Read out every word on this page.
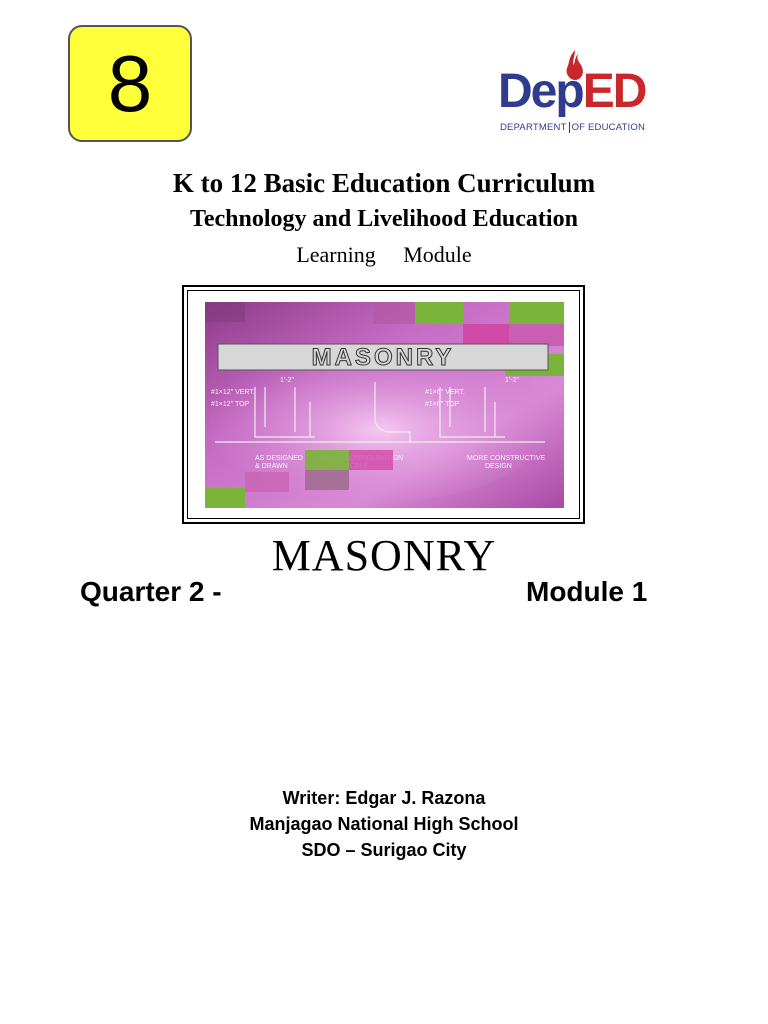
8	DepED
DEPARTMENT OF EDUCATION
K to 12 Basic Education Curriculum
Technology and Livelihood Education
Learning Module
MASONRY
#1×12" VERT.
#1×12" TOP
1'-2"
#1×6" VERT.
#1×6" TOP
1'-2"
AS DESIGNED
& DRAWN
CONFIGURATION
SCALE
MORE CONSTRUCTIVE
DESIGN
MASONRY
Quarter 2 -	Module 1
Writer: Edgar J. Razona
Manjagao National High School
SDO – Surigao City
